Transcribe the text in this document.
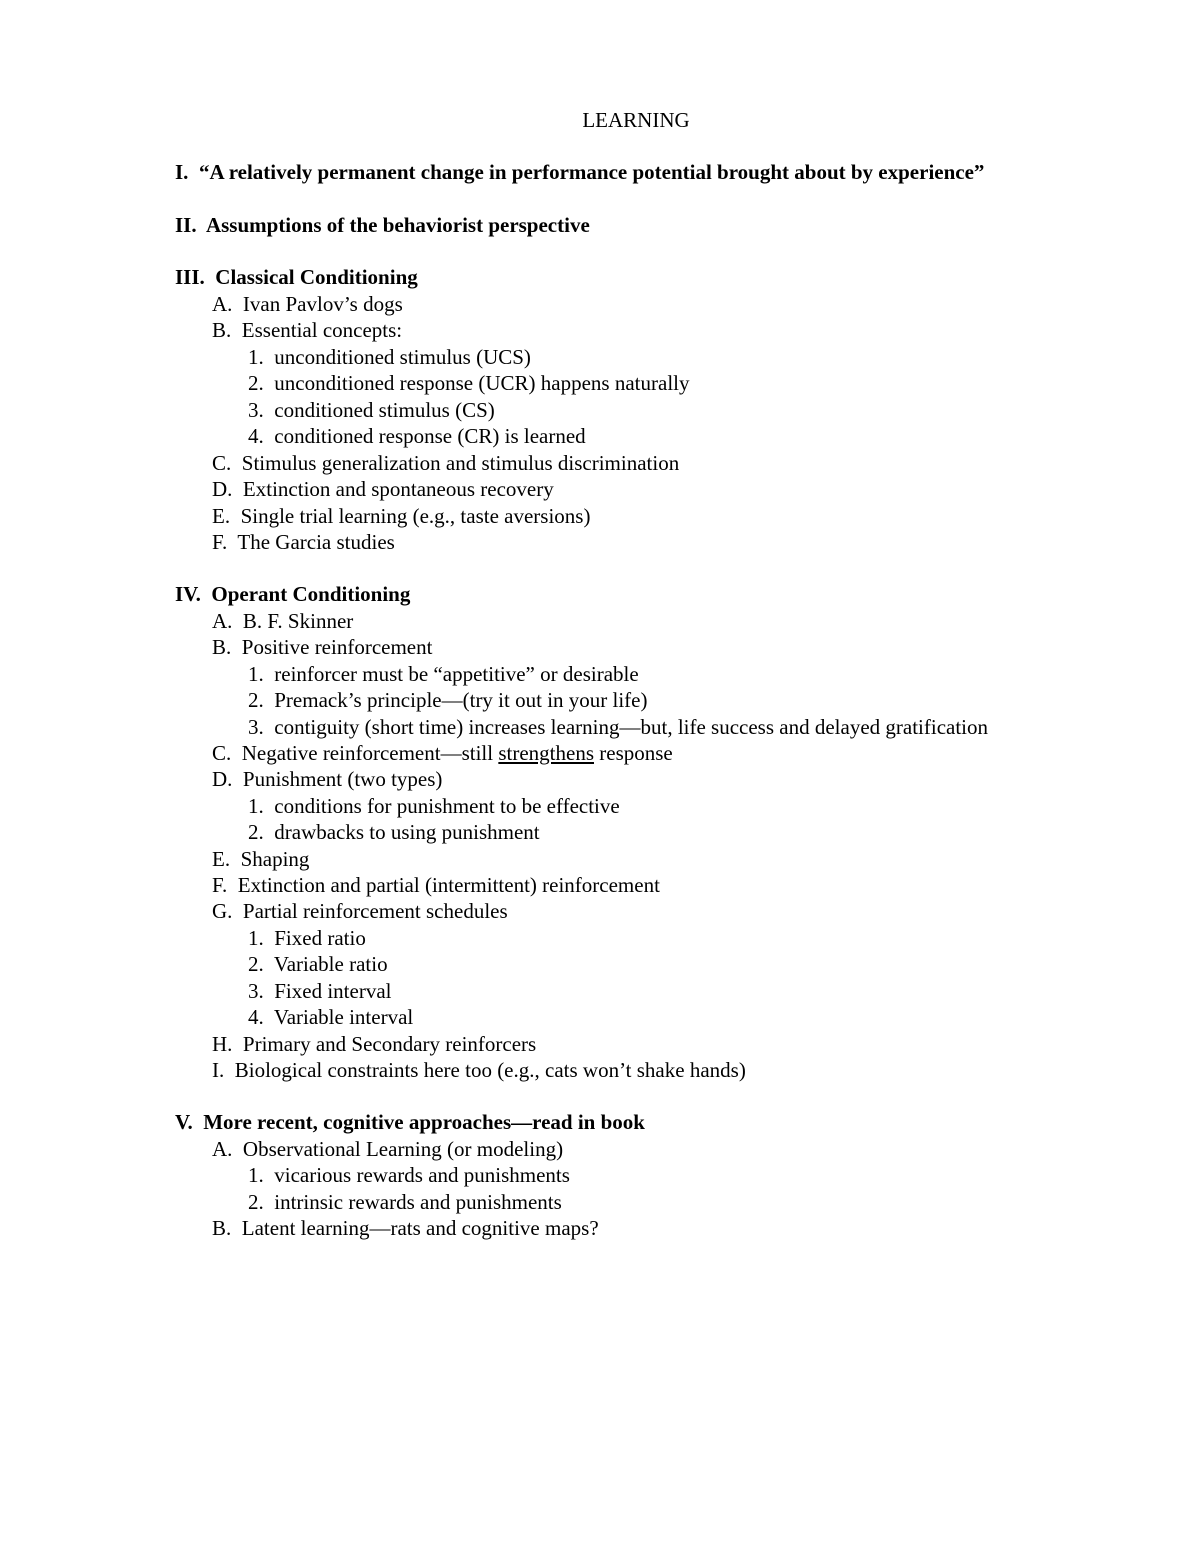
LEARNING
I. “A relatively permanent change in performance potential brought about by experience”
II. Assumptions of the behaviorist perspective
III. Classical Conditioning
A. Ivan Pavlov’s dogs
B. Essential concepts:
1. unconditioned stimulus (UCS)
2. unconditioned response (UCR) happens naturally
3. conditioned stimulus (CS)
4. conditioned response (CR) is learned
C. Stimulus generalization and stimulus discrimination
D. Extinction and spontaneous recovery
E. Single trial learning (e.g., taste aversions)
F. The Garcia studies
IV. Operant Conditioning
A. B. F. Skinner
B. Positive reinforcement
1. reinforcer must be “appetitive” or desirable
2. Premack’s principle—(try it out in your life)
3. contiguity (short time) increases learning—but, life success and delayed gratification
C. Negative reinforcement—still strengthens response
D. Punishment (two types)
1. conditions for punishment to be effective
2. drawbacks to using punishment
E. Shaping
F. Extinction and partial (intermittent) reinforcement
G. Partial reinforcement schedules
1. Fixed ratio
2. Variable ratio
3. Fixed interval
4. Variable interval
H. Primary and Secondary reinforcers
I. Biological constraints here too (e.g., cats won’t shake hands)
V. More recent, cognitive approaches—read in book
A. Observational Learning (or modeling)
1. vicarious rewards and punishments
2. intrinsic rewards and punishments
B. Latent learning—rats and cognitive maps?
